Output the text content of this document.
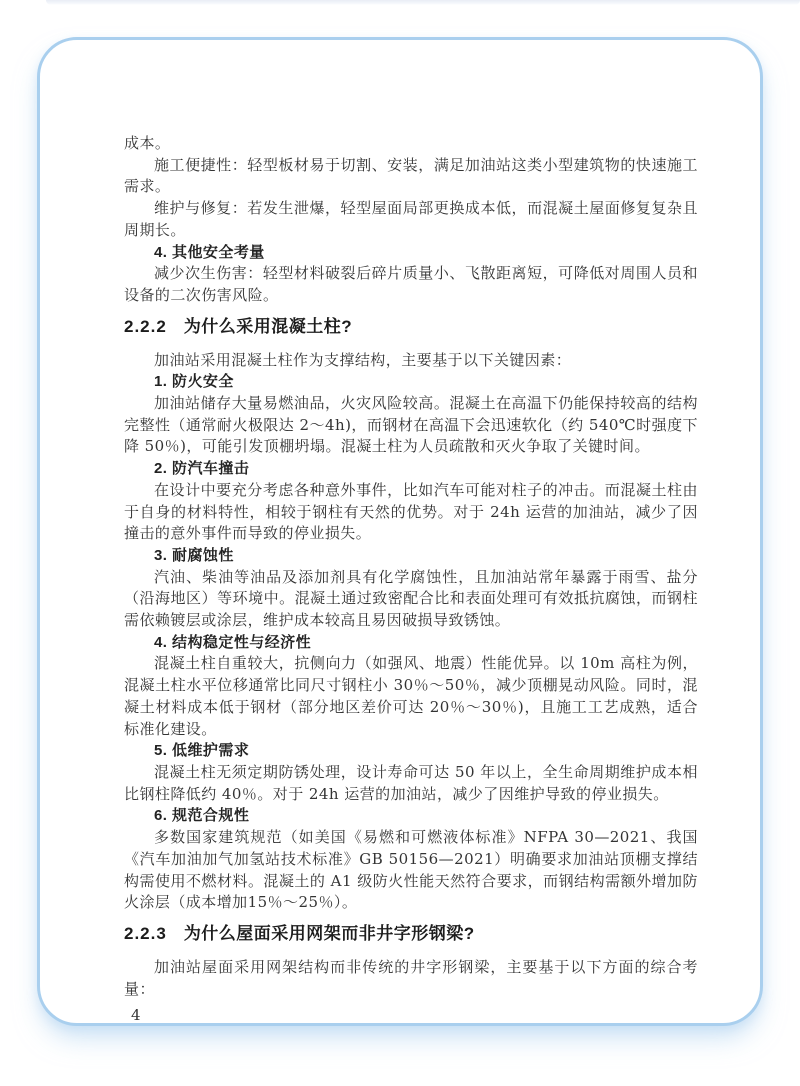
成本。

施工便捷性：轻型板材易于切割、安装，满足加油站这类小型建筑物的快速施工需求。

维护与修复：若发生泄爆，轻型屋面局部更换成本低，而混凝土屋面修复复杂且周期长。

4. 其他安全考量

减少次生伤害：轻型材料破裂后碎片质量小、飞散距离短，可降低对周围人员和设备的二次伤害风险。

2.2.2 为什么采用混凝土柱?

加油站采用混凝土柱作为支撑结构，主要基于以下关键因素：

1. 防火安全

加油站储存大量易燃油品，火灾风险较高。混凝土在高温下仍能保持较高的结构完整性（通常耐火极限达 2～4h)，而钢材在高温下会迅速软化（约 540℃时强度下降 50％)，可能引发顶棚坍塌。混凝土柱为人员疏散和灭火争取了关键时间。

2. 防汽车撞击

在设计中要充分考虑各种意外事件，比如汽车可能对柱子的冲击。而混凝土柱由于自身的材料特性，相较于钢柱有天然的优势。对于 24h 运营的加油站，减少了因撞击的意外事件而导致的停业损失。

3. 耐腐蚀性

汽油、柴油等油品及添加剂具有化学腐蚀性，且加油站常年暴露于雨雪、盐分（沿海地区）等环境中。混凝土通过致密配合比和表面处理可有效抵抗腐蚀，而钢柱需依赖镀层或涂层，维护成本较高且易因破损导致锈蚀。

4. 结构稳定性与经济性

混凝土柱自重较大，抗侧向力（如强风、地震）性能优异。以 10m 高柱为例，混凝土柱水平位移通常比同尺寸钢柱小 30％～50％，减少顶棚晃动风险。同时，混凝土材料成本低于钢材（部分地区差价可达 20％～30％)，且施工工艺成熟，适合标准化建设。

5. 低维护需求

混凝土柱无须定期防锈处理，设计寿命可达 50 年以上，全生命周期维护成本相比钢柱降低约 40％。对于 24h 运营的加油站，减少了因维护导致的停业损失。

6. 规范合规性

多数国家建筑规范（如美国《易燃和可燃液体标准》NFPA 30—2021、我国《汽车加油加气加氢站技术标准》GB 50156—2021）明确要求加油站顶棚支撑结构需使用不燃材料。混凝土的 A1 级防火性能天然符合要求，而钢结构需额外增加防火涂层（成本增加15％～25％）。

2.2.3 为什么屋面采用网架而非井字形钢梁?

加油站屋面采用网架结构而非传统的井字形钢梁，主要基于以下方面的综合考量：

4
